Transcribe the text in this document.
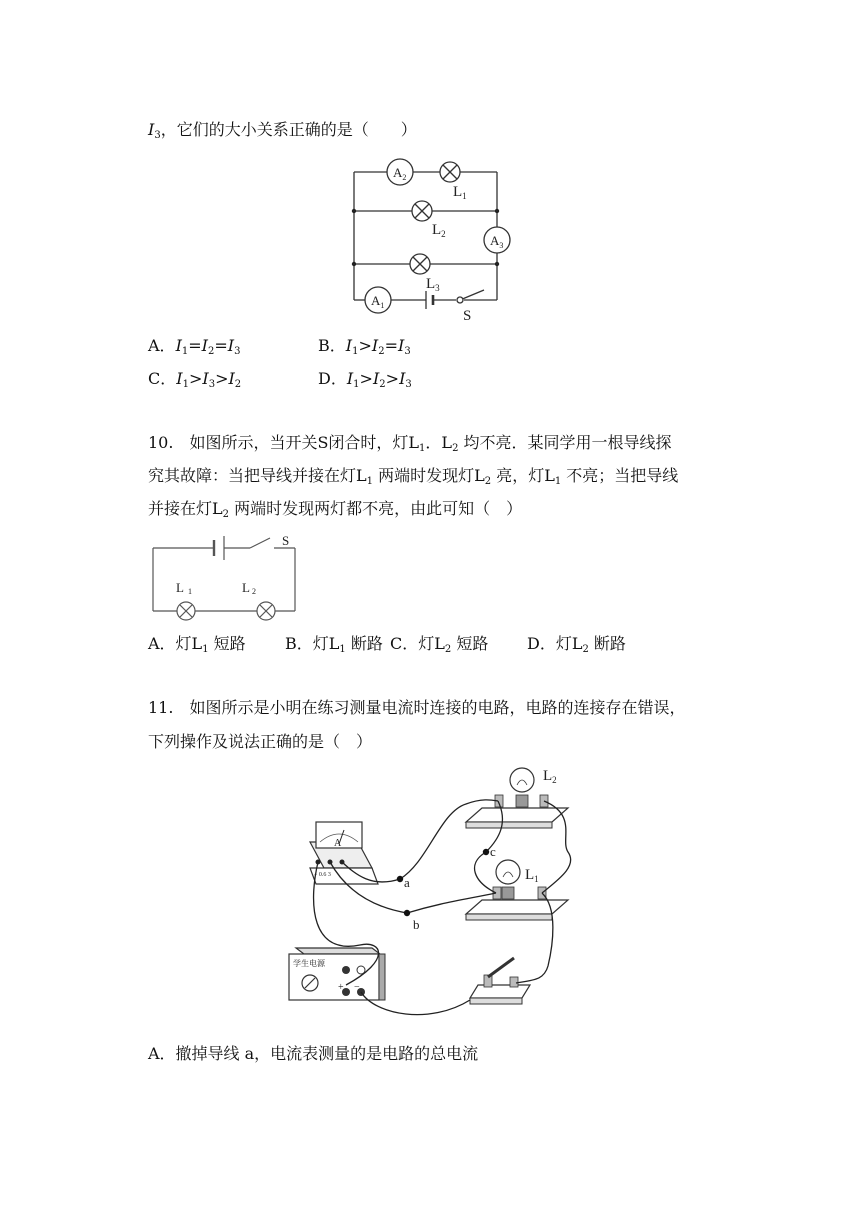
$I_3$，它们的大小关系正确的是（　　）
$A_2$
$A_3$
$A_1$
$L_1$
$L_2$
$L_3$
S
A．$I_1=I_2=I_3$	B．$I_1>I_2=I_3$
C．$I_1>I_3>I_2$	D．$I_1>I_2>I_3$
10.　如图所示，当开关S闭合时，灯$L_1$．$L_2$ 均不亮．某同学用一根导线探
究其故障：当把导线并接在灯$L_1$ 两端时发现灯$L_2$ 亮，灯$L_1$ 不亮；当把导线
并接在灯$L_2$ 两端时发现两灯都不亮，由此可知（　）
S
L 1	L 2
A．灯$L_1$ 短路 B．灯$L_1$ 断路 C．灯$L_2$ 短路 D．灯$L_2$ 断路
11.　如图所示是小明在练习测量电流时连接的电路，电路的连接存在错误，
下列操作及说法正确的是（　）
$L_2$
$L_1$
a
b
c
A
− 0.6 3
学生电源
+ −
A．撤掉导线 a，电流表测量的是电路的总电流
